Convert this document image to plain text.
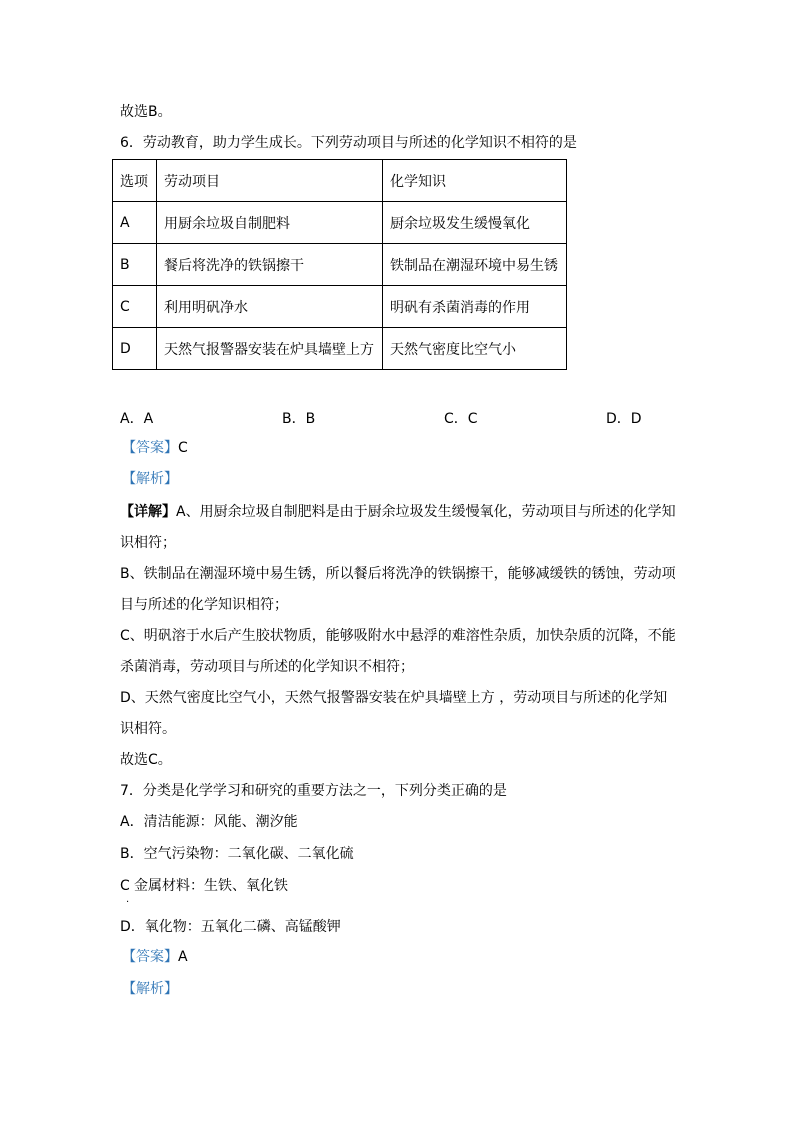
故选B。
6．劳动教育，助力学生成长。下列劳动项目与所述的化学知识不相符的是
选项	劳动项目	化学知识
A	用厨余垃圾自制肥料	厨余垃圾发生缓慢氧化
B	餐后将洗净的铁锅擦干	铁制品在潮湿环境中易生锈
C	利用明矾净水	明矾有杀菌消毒的作用
D	天然气报警器安装在炉具墙壁上方	天然气密度比空气小
A．A	B．B	C．C	D．D
【答案】C
【解析】
【详解】A、用厨余垃圾自制肥料是由于厨余垃圾发生缓慢氧化，劳动项目与所述的化学知
识相符；
B、铁制品在潮湿环境中易生锈，所以餐后将洗净的铁锅擦干，能够减缓铁的锈蚀，劳动项
目与所述的化学知识相符；
C、明矾溶于水后产生胶状物质，能够吸附水中悬浮的难溶性杂质，加快杂质的沉降，不能
杀菌消毒，劳动项目与所述的化学知识不相符；
D、天然气密度比空气小，天然气报警器安装在炉具墙壁上方 ，劳动项目与所述的化学知
识相符。
故选C。
7．分类是化学学习和研究的重要方法之一，下列分类正确的是
A．清洁能源：风能、潮汐能
B．空气污染物：二氧化碳、二氧化硫
C
·
金属材料：生铁、氧化铁
D．氧化物：五氧化二磷、高锰酸钾
【答案】A
【解析】
